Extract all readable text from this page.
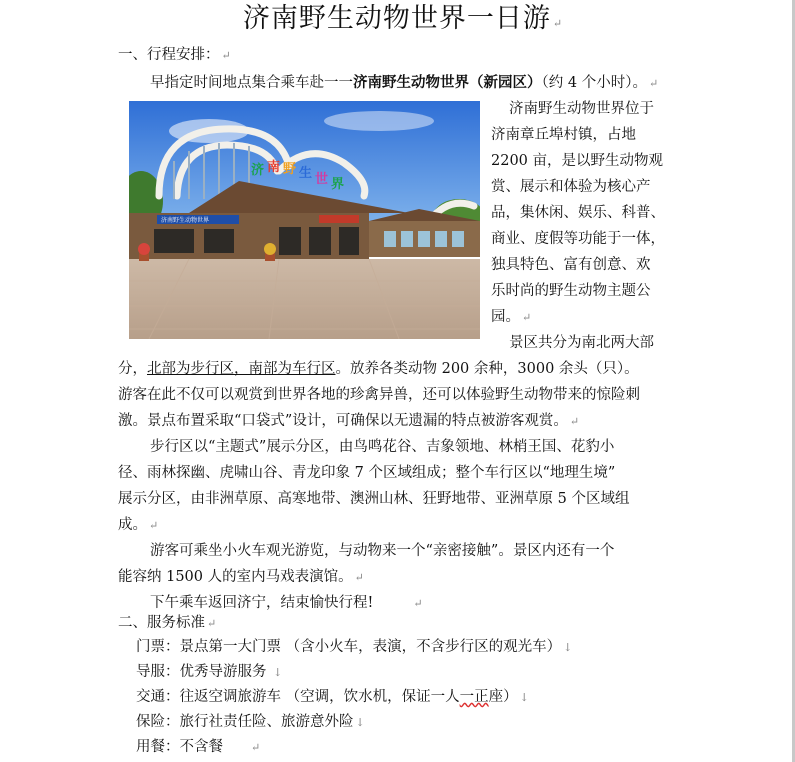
济南野生动物世界一日游 ↵
一、行程安排： ↵
早指定时间地点集合乘车赴一一济南野生动物世界（新园区）（约 4 个小时）。 ↵
济南野生动物世界位于
济南章丘埠村镇，占地
2200 亩，是以野生动物观
赏、展示和体验为核心产
品，集休闲、娱乐、科普、
商业、度假等功能于一体，
独具特色、富有创意、欢
乐时尚的野生动物主题公
园。 ↵
景区共分为南北两大部
分，北部为步行区，南部为车行区。放养各类动物 200 余种，3000 余头（只）。
游客在此不仅可以观赏到世界各地的珍禽异兽，还可以体验野生动物带来的惊险刺
激。景点布置采取“口袋式”设计，可确保以无遗漏的特点被游客观赏。 ↵
步行区以“主题式”展示分区，由鸟鸣花谷、吉象领地、林梢王国、花豹小
径、雨林探幽、虎啸山谷、青龙印象 7 个区域组成；整个车行区以“地理生境”
展示分区，由非洲草原、高寒地带、澳洲山林、狂野地带、亚洲草原 5 个区域组
成。 ↵
游客可乘坐小火车观光游览，与动物来一个“亲密接触”。景区内还有一个
能容纳 1500 人的室内马戏表演馆。 ↵
下午乘车返回济宁，结束愉快行程!	↵
二、服务标准 ↵
门票：景点第一大门票 （含小火车，表演，不含步行区的观光车） ↓
导服：优秀导游服务 ↓
交通：往返空调旅游车 （空调，饮水机，保证一人一正座） ↓
保险：旅行社责任险、旅游意外险 ↓
用餐：不含餐	↵
济 南 野 生 世 界
济南野生动物世界
